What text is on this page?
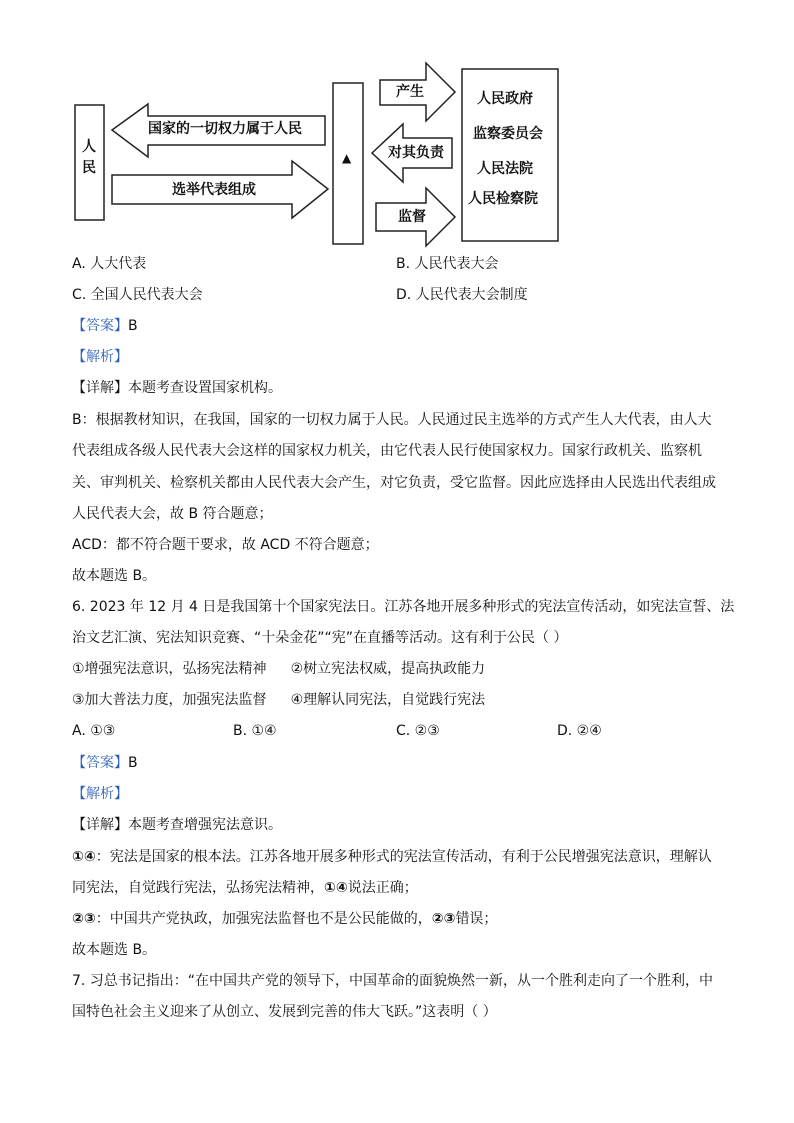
人
民
国家的一切权力属于人民
选举代表组成
▲
产生
对其负责
监督
人民政府
监察委员会
人民法院
人民检察院
A. 人大代表	B. 人民代表大会
C. 全国人民代表大会	D. 人民代表大会制度
【答案】B
【解析】
【详解】本题考查设置国家机构。
B：根据教材知识，在我国，国家的一切权力属于人民。人民通过民主选举的方式产生人大代表，由人大
代表组成各级人民代表大会这样的国家权力机关，由它代表人民行使国家权力。国家行政机关、监察机
关、审判机关、检察机关都由人民代表大会产生，对它负责，受它监督。因此应选择由人民选出代表组成
人民代表大会，故 B 符合题意；
ACD：都不符合题干要求，故 ACD 不符合题意；
故本题选 B。
6. 2023 年 12 月 4 日是我国第十个国家宪法日。江苏各地开展多种形式的宪法宣传活动，如宪法宣誓、法
治文艺汇演、宪法知识竞赛、“十朵金花”“宪”在直播等活动。这有利于公民（ ）
①增强宪法意识，弘扬宪法精神 ②树立宪法权威，提高执政能力
③加大普法力度，加强宪法监督 ④理解认同宪法，自觉践行宪法
A. ①③	B. ①④	C. ②③	D. ②④
【答案】B
【解析】
【详解】本题考查增强宪法意识。
①④：宪法是国家的根本法。江苏各地开展多种形式的宪法宣传活动，有利于公民增强宪法意识，理解认
同宪法，自觉践行宪法，弘扬宪法精神，①④说法正确；
②③：中国共产党执政，加强宪法监督也不是公民能做的，②③错误；
故本题选 B。
7. 习总书记指出：“在中国共产党的领导下，中国革命的面貌焕然一新，从一个胜利走向了一个胜利，中
国特色社会主义迎来了从创立、发展到完善的伟大飞跃。”这表明（ ）
